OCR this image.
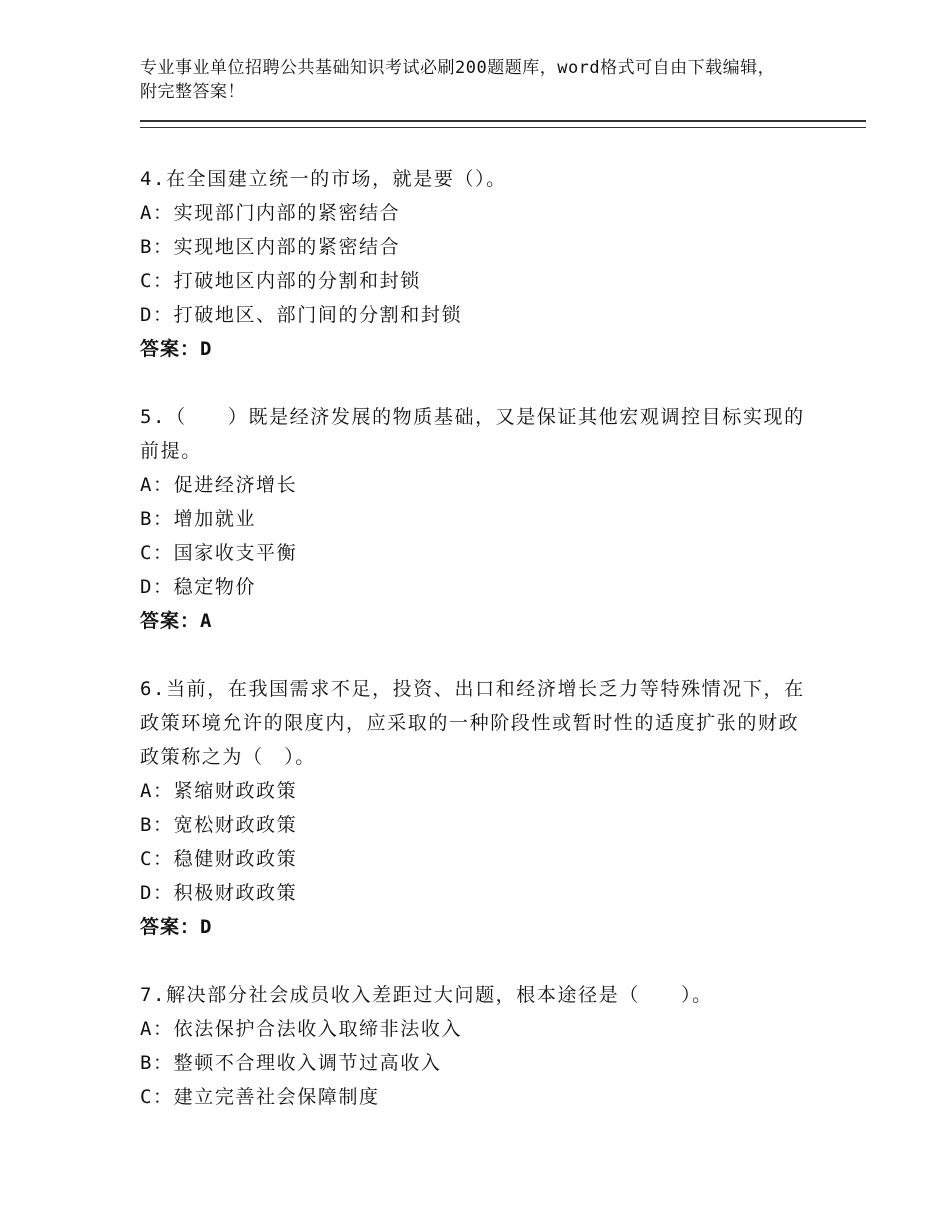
专业事业单位招聘公共基础知识考试必刷200题题库，word格式可自由下载编辑，附完整答案！
4.在全国建立统一的市场，就是要（）。
A：实现部门内部的紧密结合
B：实现地区内部的紧密结合
C：打破地区内部的分割和封锁
D：打破地区、部门间的分割和封锁
答案：D
5.（　　）既是经济发展的物质基础，又是保证其他宏观调控目标实现的前提。
A：促进经济增长
B：增加就业
C：国家收支平衡
D：稳定物价
答案：A
6.当前，在我国需求不足，投资、出口和经济增长乏力等特殊情况下，在政策环境允许的限度内，应采取的一种阶段性或暂时性的适度扩张的财政政策称之为（　）。
A：紧缩财政政策
B：宽松财政政策
C：稳健财政政策
D：积极财政政策
答案：D
7.解决部分社会成员收入差距过大问题，根本途径是（　　）。
A：依法保护合法收入取缔非法收入
B：整顿不合理收入调节过高收入
C：建立完善社会保障制度
